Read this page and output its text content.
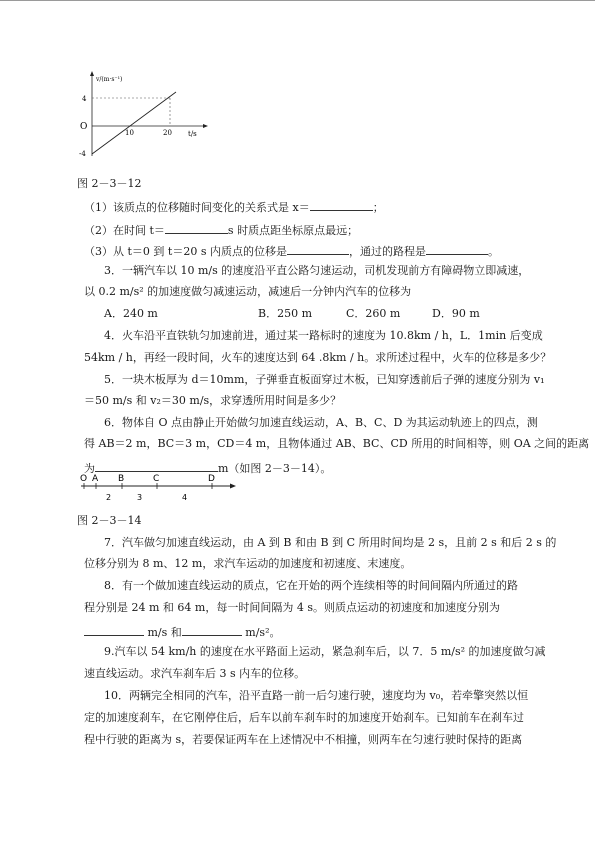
v/(m·s⁻¹)
4
O
-4
10	20 t/s
图 2－3－12
（1）该质点的位移随时间变化的关系式是 x＝	；
（2）在时间 t＝	s 时质点距坐标原点最远；
（3）从 t＝0 到 t＝20 s 内质点的位移是	，通过的路程是	。
3．一辆汽车以 10 m/s 的速度沿平直公路匀速运动，司机发现前方有障碍物立即减速，
以 0.2 m/s² 的加速度做匀减速运动，减速后一分钟内汽车的位移为
A．240 m	B．250 m	C．260 m	D．90 m
4．火车沿平直铁轨匀加速前进，通过某一路标时的速度为 10.8km / h，L．1min 后变成
54km / h，再经一段时间，火车的速度达到 64 .8km / h。求所述过程中，火车的位移是多少？
5．一块木板厚为 d＝10mm，子弹垂直板面穿过木板，已知穿透前后子弹的速度分别为 v₁
＝50 m/s 和 v₂＝30 m/s，求穿透所用时间是多少？
6．物体自 O 点由静止开始做匀加速直线运动，A、B、C、D 为其运动轨迹上的四点，测
得 AB＝2 m，BC＝3 m，CD＝4 m，且物体通过 AB、BC、CD 所用的时间相等，则 OA 之间的距离
为	m（如图 2－3－14）。
O A B	C	D
2	3	4
图 2－3－14
7．汽车做匀加速直线运动，由 A 到 B 和由 B 到 C 所用时间均是 2 s，且前 2 s 和后 2 s 的
位移分别为 8 m、12 m，求汽车运动的加速度和初速度、末速度。
8．有一个做加速直线运动的质点，它在开始的两个连续相等的时间间隔内所通过的路
程分别是 24 m 和 64 m，每一时间间隔为 4 s。则质点运动的初速度和加速度分别为
m/s 和	m/s²。
9.汽车以 54 km/h 的速度在水平路面上运动，紧急刹车后，以 7．5 m/s² 的加速度做匀减
速直线运动。求汽车刹车后 3 s 内车的位移。
10．两辆完全相同的汽车，沿平直路一前一后匀速行驶，速度均为 v₀，若牵擎突然以恒
定的加速度刹车，在它刚停住后，后车以前车刹车时的加速度开始刹车。已知前车在刹车过
程中行驶的距离为 s，若要保证两车在上述情况中不相撞，则两车在匀速行驶时保持的距离
